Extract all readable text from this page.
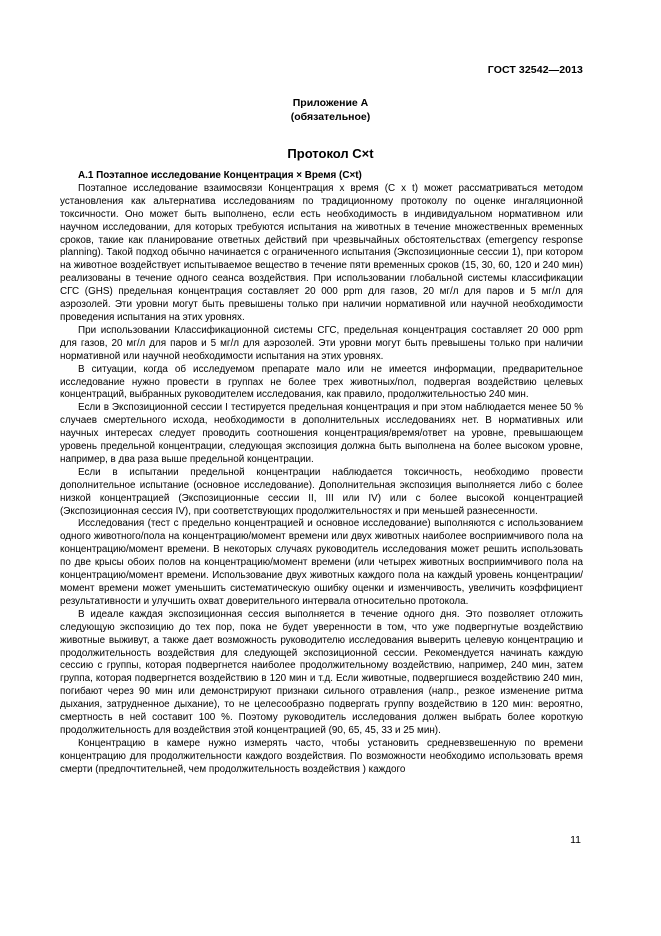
ГОСТ 32542—2013
Приложение А
(обязательное)
Протокол С×t

А.1 Поэтапное исследование Концентрация × Время (С×t)

Поэтапное исследование взаимосвязи Концентрация х время (С х t) может рассматриваться методом установления как альтернатива исследованиям по традиционному протоколу по оценке ингаляционной токсичности. Оно может быть выполнено, если есть необходимость в индивидуальном нормативном или научном исследовании, для которых требуются испытания на животных в течение множественных временных сроков, такие как планирование ответных действий при чрезвычайных обстоятельствах (emergency response planning). Такой подход обычно начинается с ограниченного испытания (Экспозиционные сессии 1), при котором на животное воздействует испытываемое вещество в течение пяти временных сроков (15, 30, 60, 120 и 240 мин) реализованы в течение одного сеанса воздействия. При использовании глобальной системы классификации СГС (GHS) предельная концентрация составляет 20 000 ppm для газов, 20 мг/л для паров и 5 мг/л для аэрозолей. Эти уровни могут быть превышены только при наличии нормативной или научной необходимости проведения испытания на этих уровнях.

При использовании Классификационной системы СГС, предельная концентрация составляет 20 000 ppm для газов, 20 мг/л для паров и 5 мг/л для аэрозолей. Эти уровни могут быть превышены только при наличии нормативной или научной необходимости испытания на этих уровнях.

В ситуации, когда об исследуемом препарате мало или не имеется информации, предварительное исследование нужно провести в группах не более трех животных/пол, подвергая воздействию целевых концентраций, выбранных руководителем исследования, как правило, продолжительностью 240 мин.

Если в Экспозиционной сессии I тестируется предельная концентрация и при этом наблюдается менее 50 % случаев смертельного исхода, необходимости в дополнительных исследованиях нет. В нормативных или научных интересах следует проводить соотношения концентрация/время/ответ на уровне, превышающем уровень предельной концентрации, следующая экспозиция должна быть выполнена на более высоком уровне, например, в два раза выше предельной концентрации.

Если в испытании предельной концентрации наблюдается токсичность, необходимо провести дополнительное испытание (основное исследование). Дополнительная экспозиция выполняется либо с более низкой концентрацией (Экспозиционные сессии II, III или IV) или с более высокой концентрацией (Экспозиционная сессия IV), при соответствующих продолжительностях и при меньшей разнесенности.

Исследования (тест с предельно концентрацией и основное исследование) выполняются с использованием одного животного/пола на концентрацию/момент времени или двух животных наиболее восприимчивого пола на концентрацию/момент времени. В некоторых случаях руководитель исследования может решить использовать по две крысы обоих полов на концентрацию/момент времени (или четырех животных восприимчивого пола на концентрацию/момент времени. Использование двух животных каждого пола на каждый уровень концентрации/момент времени может уменьшить систематическую ошибку оценки и изменчивость, увеличить коэффициент результативности и улучшить охват доверительного интервала относительно протокола.

В идеале каждая экспозиционная сессия выполняется в течение одного дня. Это позволяет отложить следующую экспозицию до тех пор, пока не будет уверенности в том, что уже подвергнутые воздействию животные выживут, а также дает возможность руководителю исследования выверить целевую концентрацию и продолжительность воздействия для следующей экспозиционной сессии. Рекомендуется начинать каждую сессию с группы, которая подвергнется наиболее продолжительному воздействию, например, 240 мин, затем группа, которая подвергнется воздействию в 120 мин и т.д. Если животные, подвергшиеся воздействию 240 мин, погибают через 90 мин или демонстрируют признаки сильного отравления (напр., резкое изменение ритма дыхания, затрудненное дыхание), то не целесообразно подвергать группу воздействию в 120 мин: вероятно, смертность в ней составит 100 %. Поэтому руководитель исследования должен выбрать более короткую продолжительность для воздействия этой концентрацией (90, 65, 45, 33 и 25 мин).

Концентрацию в камере нужно измерять часто, чтобы установить средневзвешенную по времени концентрацию для продолжительности каждого воздействия. По возможности необходимо использовать время смерти (предпочтительней, чем продолжительность воздействия ) каждого

11
